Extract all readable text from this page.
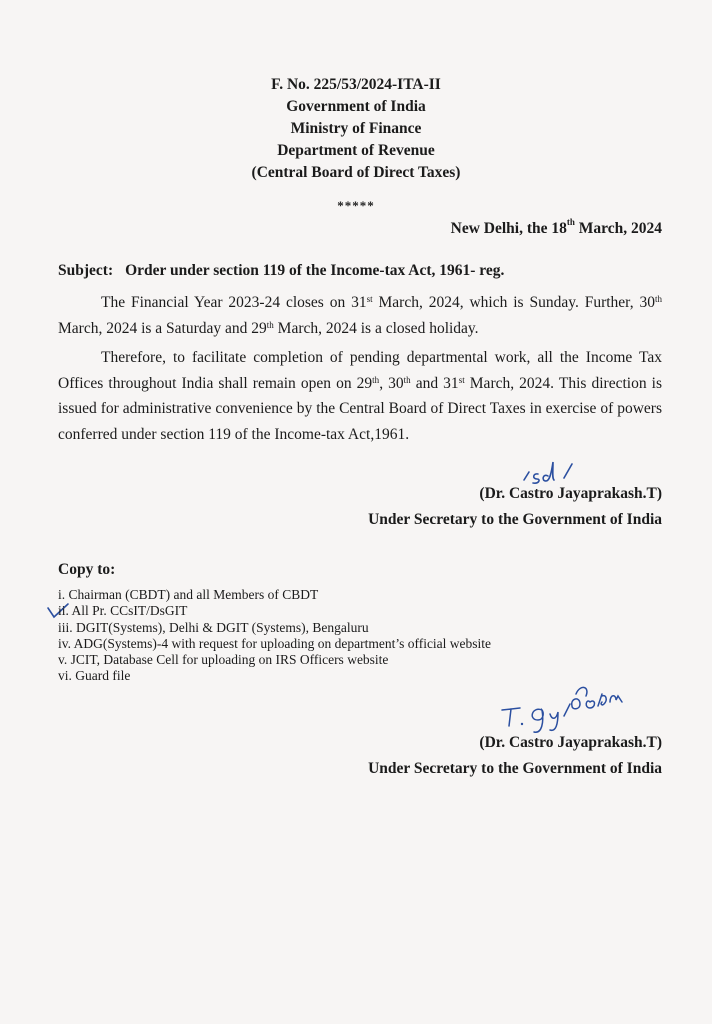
F. No. 225/53/2024-ITA-II
Government of India
Ministry of Finance
Department of Revenue
(Central Board of Direct Taxes)
*****
New Delhi, the 18th March, 2024
Subject: Order under section 119 of the Income-tax Act, 1961- reg.
The Financial Year 2023-24 closes on 31st March, 2024, which is Sunday. Further, 30th March, 2024 is a Saturday and 29th March, 2024 is a closed holiday.
Therefore, to facilitate completion of pending departmental work, all the Income Tax Offices throughout India shall remain open on 29th, 30th and 31st March, 2024. This direction is issued for administrative convenience by the Central Board of Direct Taxes in exercise of powers conferred under section 119 of the Income-tax Act,1961.
(Dr. Castro Jayaprakash.T)
Under Secretary to the Government of India
Copy to:
i. Chairman (CBDT) and all Members of CBDT
ii. All Pr. CCsIT/DsGIT
iii. DGIT(Systems), Delhi & DGIT (Systems), Bengaluru
iv. ADG(Systems)-4 with request for uploading on department’s official website
v. JCIT, Database Cell for uploading on IRS Officers website
vi. Guard file
(Dr. Castro Jayaprakash.T)
Under Secretary to the Government of India
